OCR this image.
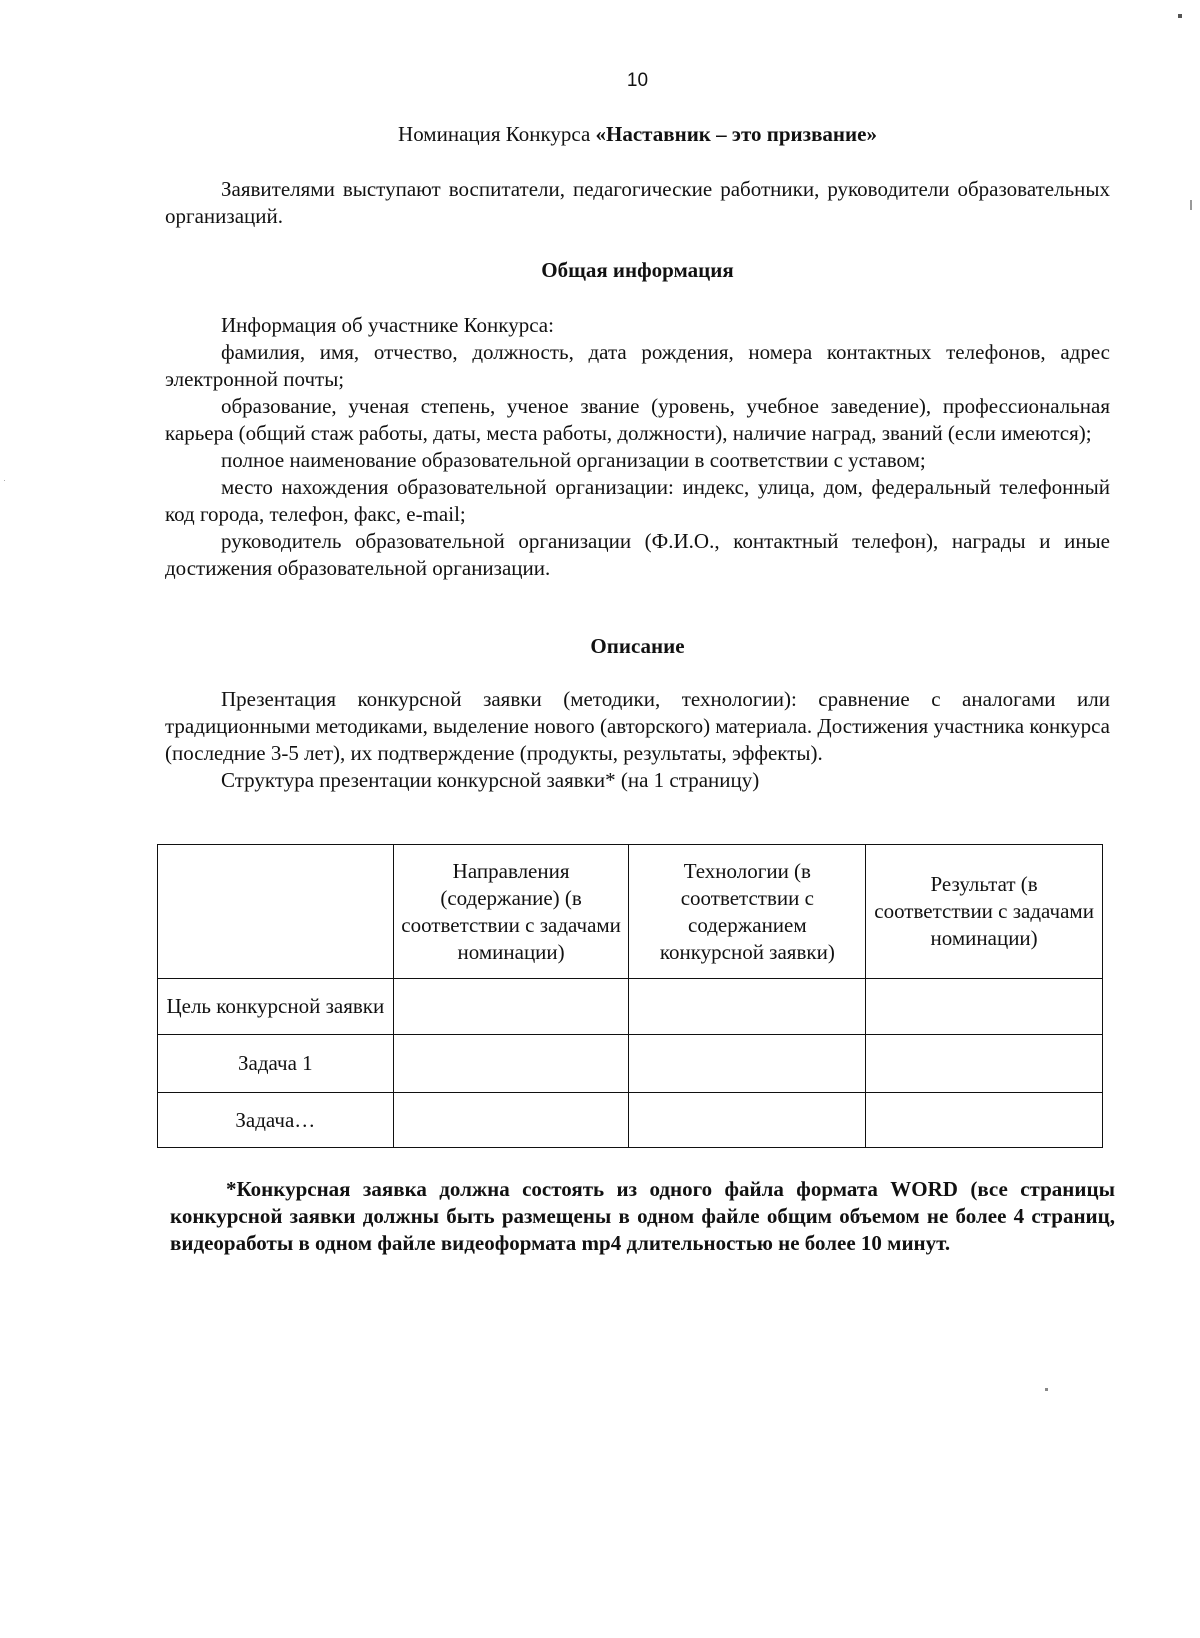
10
Номинация Конкурса «Наставник – это призвание»
Заявителями выступают воспитатели, педагогические работники, руководители образовательных организаций.
Общая информация

Информация об участнике Конкурса:

фамилия, имя, отчество, должность, дата рождения, номера контактных телефонов, адрес электронной почты;

образование, ученая степень, ученое звание (уровень, учебное заведение), профессиональная карьера (общий стаж работы, даты, места работы, должности), наличие наград, званий (если имеются);

полное наименование образовательной организации в соответствии с уставом;

место нахождения образовательной организации: индекс, улица, дом, федеральный телефонный код города, телефон, факс, e-mail;

руководитель образовательной организации (Ф.И.О., контактный телефон), награды и иные достижения образовательной организации.

Описание

Презентация конкурсной заявки (методики, технологии): сравнение с аналогами или традиционными методиками, выделение нового (авторского) материала. Достижения участника конкурса (последние 3-5 лет), их подтверждение (продукты, результаты, эффекты).

Структура презентации конкурсной заявки* (на 1 страницу)

	Направления (содержание) (в соответствии с задачами номинации)	Технологии (в соответствии с содержанием конкурсной заявки)	Результат (в соответствии с задачами номинации)
Цель конкурсной заявки			
Задача 1			
Задача…			
*Конкурсная заявка должна состоять из одного файла формата WORD (все страницы конкурсной заявки должны быть размещены в одном файле общим объемом не более 4 страниц, видеоработы в одном файле видеоформата mp4 длительностью не более 10 минут.
